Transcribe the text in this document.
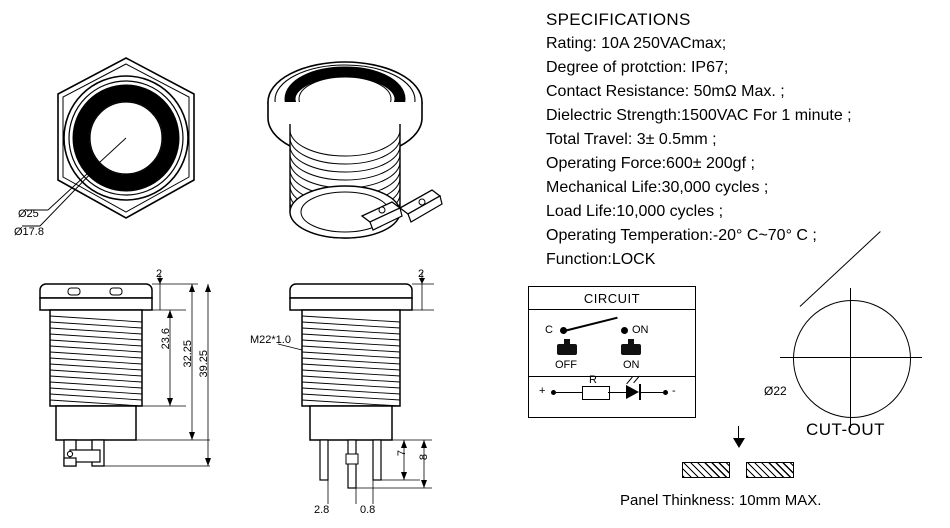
SPECIFICATIONS
Rating: 10A 250VACmax;
Degree of protction: IP67;
Contact Resistance: 50mΩ Max. ;
Dielectric Strength:1500VAC For 1 minute ;
Total Travel: 3± 0.5mm ;
Operating Force:600± 200gf ;
Mechanical Life:30,000 cycles ;
Load Life:10,000 cycles ;
Operating Temperation:-20° C~70° C ;
Function:LOCK
Ø25
Ø17.8
2
23.6
32.25 39.25
2
M22*1.0
7
8
2.8	0.8
CIRCUIT
C	ON
OFF	ON
+
R
-	Ø22
CUT-OUT
Panel Thinkness: 10mm MAX.
